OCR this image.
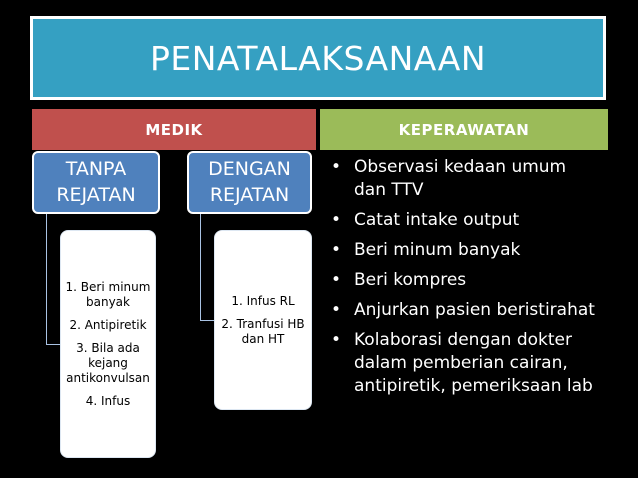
PENATALAKSANAAN
MEDIK	KEPERAWATAN
TANPA
REJATAN
DENGAN
REJATAN
1. Beri minum banyak
2. Antipiretik
3. Bila ada kejang antikonvulsan
4. Infus
1. Infus RL
2. Tranfusi HB dan HT
• Observasi kedaan umum dan TTV
• Catat intake output
• Beri minum banyak
• Beri kompres
• Anjurkan pasien beristirahat
• Kolaborasi dengan dokter dalam pemberian cairan, antipiretik, pemeriksaan lab
